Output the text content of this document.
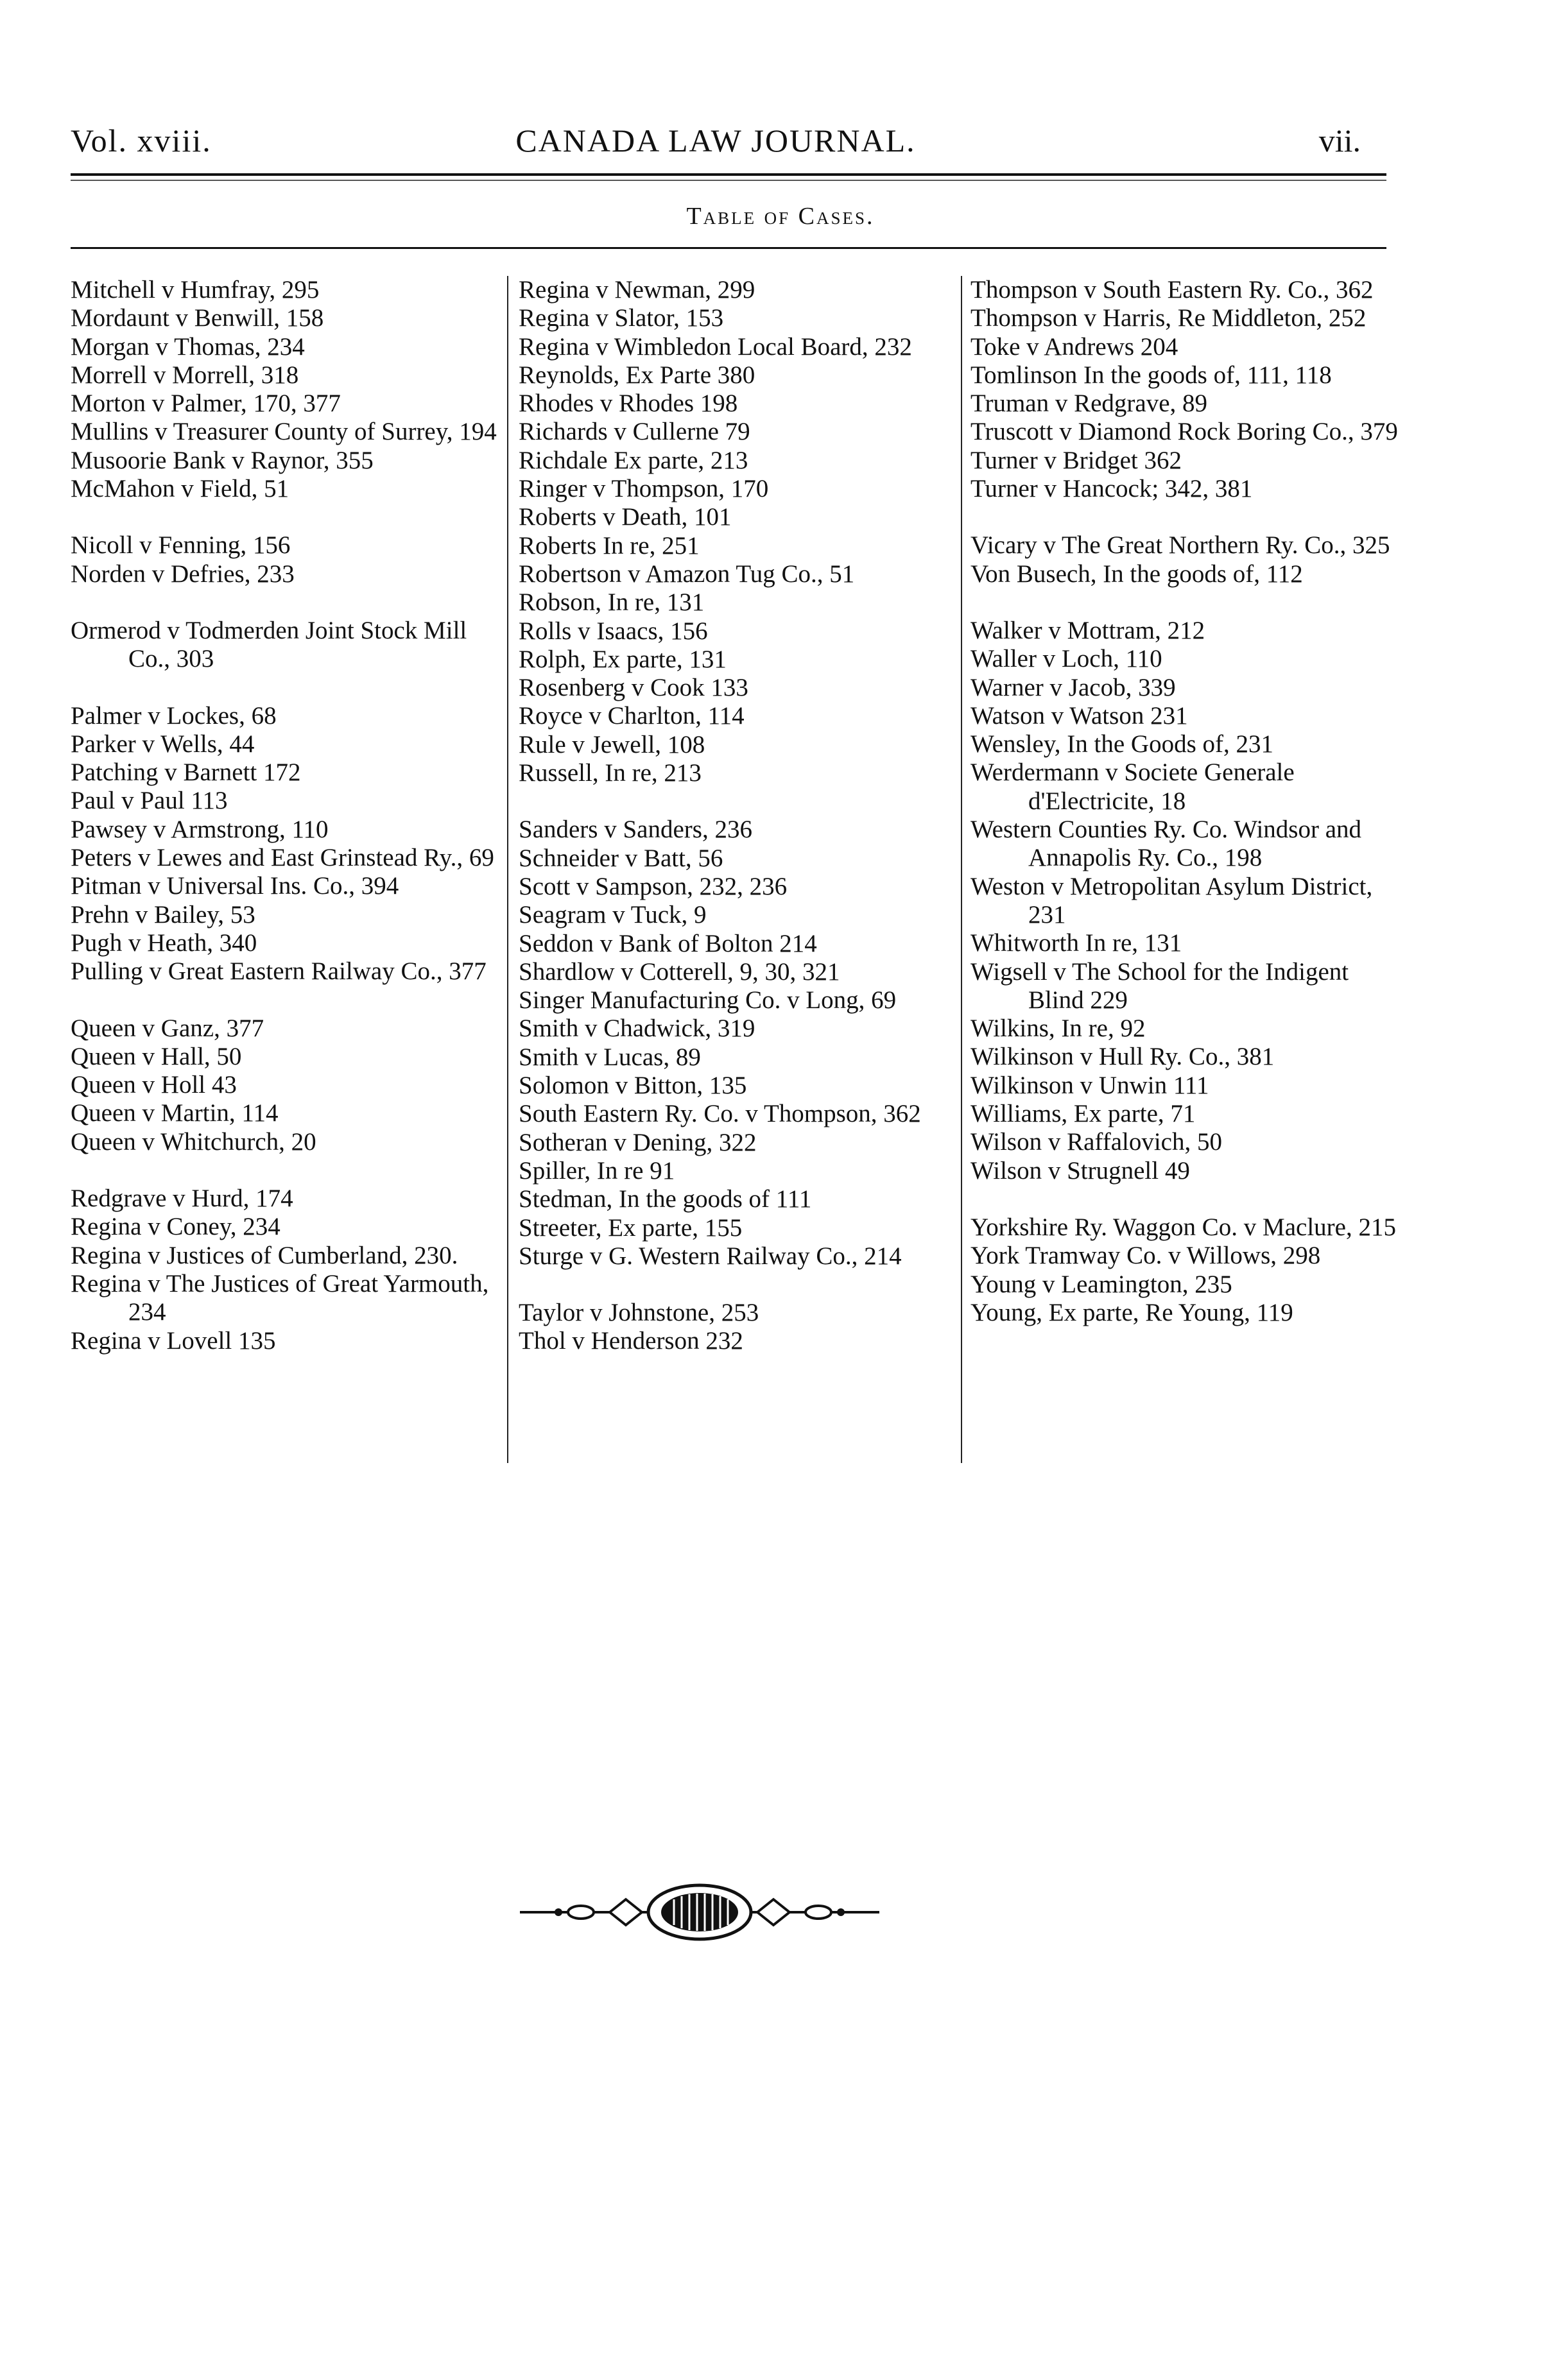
Vol. xviii.	CANADA LAW JOURNAL.	vii.
Table of Cases.

Mitchell v Humfray, 295

Mordaunt v Benwill, 158

Morgan v Thomas, 234

Morrell v Morrell, 318

Morton v Palmer, 170, 377

Mullins v Treasurer County of Surrey, 194

Musoorie Bank v Raynor, 355

McMahon v Field, 51

Nicoll v Fenning, 156

Norden v Defries, 233

Ormerod v Todmerden Joint Stock Mill Co., 303

Palmer v Lockes, 68

Parker v Wells, 44

Patching v Barnett 172

Paul v Paul 113

Pawsey v Armstrong, 110

Peters v Lewes and East Grinstead Ry., 69

Pitman v Universal Ins. Co., 394

Prehn v Bailey, 53

Pugh v Heath, 340

Pulling v Great Eastern Railway Co., 377

Queen v Ganz, 377

Queen v Hall, 50

Queen v Holl 43

Queen v Martin, 114

Queen v Whitchurch, 20

Redgrave v Hurd, 174

Regina v Coney, 234

Regina v Justices of Cumberland, 230.

Regina v The Justices of Great Yarmouth, 234

Regina v Lovell 135

Regina v Newman, 299

Regina v Slator, 153

Regina v Wimbledon Local Board, 232

Reynolds, Ex Parte 380

Rhodes v Rhodes 198

Richards v Cullerne 79

Richdale Ex parte, 213

Ringer v Thompson, 170

Roberts v Death, 101

Roberts In re, 251

Robertson v Amazon Tug Co., 51

Robson, In re, 131

Rolls v Isaacs, 156

Rolph, Ex parte, 131

Rosenberg v Cook 133

Royce v Charlton, 114

Rule v Jewell, 108

Russell, In re, 213

Sanders v Sanders, 236

Schneider v Batt, 56

Scott v Sampson, 232, 236

Seagram v Tuck, 9

Seddon v Bank of Bolton 214

Shardlow v Cotterell, 9, 30, 321

Singer Manufacturing Co. v Long, 69

Smith v Chadwick, 319

Smith v Lucas, 89

Solomon v Bitton, 135

South Eastern Ry. Co. v Thompson, 362

Sotheran v Dening, 322

Spiller, In re 91

Stedman, In the goods of 111

Streeter, Ex parte, 155

Sturge v G. Western Railway Co., 214

Taylor v Johnstone, 253

Thol v Henderson 232

Thompson v South Eastern Ry. Co., 362

Thompson v Harris, Re Middleton, 252

Toke v Andrews 204

Tomlinson In the goods of, 111, 118

Truman v Redgrave, 89

Truscott v Diamond Rock Boring Co., 379

Turner v Bridget 362

Turner v Hancock; 342, 381

Vicary v The Great Northern Ry. Co., 325

Von Busech, In the goods of, 112

Walker v Mottram, 212

Waller v Loch, 110

Warner v Jacob, 339

Watson v Watson 231

Wensley, In the Goods of, 231

Werdermann v Societe Generale d'Electricite, 18

Western Counties Ry. Co. Windsor and Annapolis Ry. Co., 198

Weston v Metropolitan Asylum District, 231

Whitworth In re, 131

Wigsell v The School for the Indigent Blind 229

Wilkins, In re, 92

Wilkinson v Hull Ry. Co., 381

Wilkinson v Unwin 111

Williams, Ex parte, 71

Wilson v Raffalovich, 50

Wilson v Strugnell 49

Yorkshire Ry. Waggon Co. v Maclure, 215

York Tramway Co. v Willows, 298

Young v Leamington, 235

Young, Ex parte, Re Young, 119
